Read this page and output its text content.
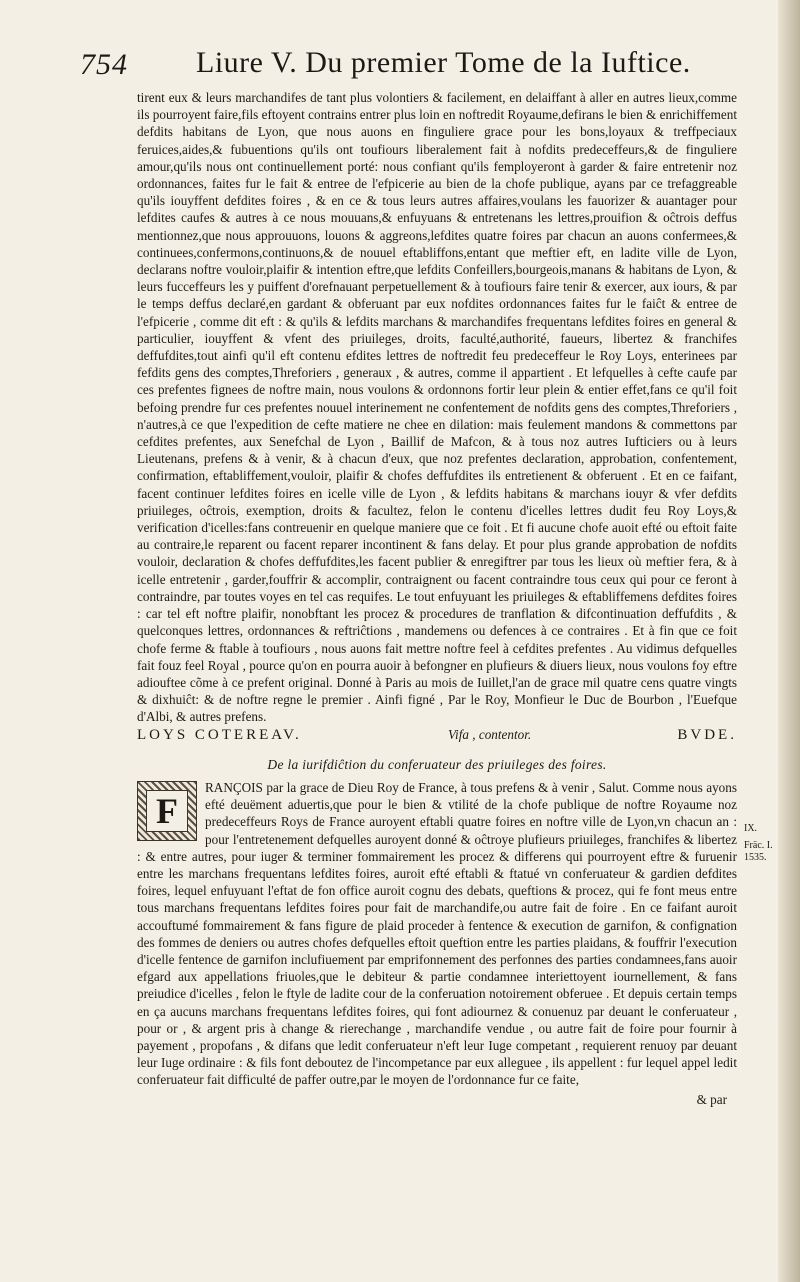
754 Liure V. Du premier Tome de la Iuftice.
IX.
Fräc. I. 1535.

tirent eux & leurs marchandifes de tant plus volontiers & facilement, en delaiffant à aller en autres lieux,comme ils pourroyent faire,fils eftoyent contrains entrer plus loin en noftredit Royaume,defirans le bien & enrichiffement defdits habitans de Lyon, que nous auons en finguliere grace pour les bons,loyaux & treffpeciaux feruices,aides,& fubuentions qu'ils ont toufiours liberalement fait à nofdits predeceffeurs,& de finguliere amour,qu'ils nous ont continuellement porté: nous confiant qu'ils femployeront à garder & faire entretenir noz ordonnances, faites fur le fait & entree de l'efpicerie au bien de la chofe publique, ayans par ce trefaggreable qu'ils iouyffent defdites foires , & en ce & tous leurs autres affaires,voulans les fauorizer & auantager pour lefdites caufes & autres à ce nous mouuans,& enfuyuans & entretenans les lettres,prouifion & oĉtrois deffus mentionnez,que nous approuuons, louons & aggreons,lefdites quatre foires par chacun an auons confermees,& continuees,confermons,continuons,& de nouuel eftabliffons,entant que meftier eft, en ladite ville de Lyon, declarans noftre vouloir,plaifir & intention eftre,que lefdits Confeillers,bourgeois,manans & habitans de Lyon, & leurs fucceffeurs les y puiffent d'orefnauant perpetuellement & à toufiours faire tenir & exercer, aux iours, & par le temps deffus declaré,en gardant & obferuant par eux nofdites ordonnances faites fur le faiĉt & entree de l'efpicerie , comme dit eft : & qu'ils & lefdits marchans & marchandifes frequentans lefdites foires en general & particulier, iouyffent & vfent des priuileges, droits, faculté,authorité, faueurs, libertez & franchifes deffufdites,tout ainfi qu'il eft contenu efdites lettres de noftredit feu predeceffeur le Roy Loys, enterinees par fefdits gens des comptes,Threforiers , generaux , & autres, comme il appartient . Et lefquelles à cefte caufe par ces prefentes fignees de noftre main, nous voulons & ordonnons fortir leur plein & entier effet,fans ce qu'il foit befoing prendre fur ces prefentes nouuel interinement ne confentement de nofdits gens des comptes,Threforiers , n'autres,à ce que l'expedition de cefte matiere ne chee en dilation: mais feulement mandons & commettons par cefdites prefentes, aux Senefchal de Lyon , Baillif de Mafcon, & à tous noz autres Iufticiers ou à leurs Lieutenans, prefens & à venir, & à chacun d'eux, que noz prefentes declaration, approbation, confentement, confirmation, eftabliffement,vouloir, plaifir & chofes deffufdites ils entretienent & obferuent . Et en ce faifant, facent continuer lefdites foires en icelle ville de Lyon , & lefdits habitans & marchans iouyr & vfer defdits priuileges, oĉtrois, exemption, droits & facultez, felon le contenu d'icelles lettres dudit feu Roy Loys,& verification d'icelles:fans contreuenir en quelque maniere que ce foit . Et fi aucune chofe auoit efté ou eftoit faite au contraire,le reparent ou facent reparer incontinent & fans delay. Et pour plus grande approbation de nofdits vouloir, declaration & chofes deffufdites,les facent publier & enregiftrer par tous les lieux où meftier fera, & à icelle entretenir , garder,fouffrir & accomplir, contraignent ou facent contraindre tous ceux qui pour ce feront à contraindre, par toutes voyes en tel cas requifes. Le tout enfuyuant les priuileges & eftabliffemens defdites foires : car tel eft noftre plaifir, nonobftant les procez & procedures de tranflation & difcontinuation deffufdits , & quelconques lettres, ordonnances & reftriĉtions , mandemens ou defences à ce contraires . Et à fin que ce foit chofe ferme & ftable à toufiours , nous auons fait mettre noftre feel à cefdites prefentes . Au vidimus defquelles fait fouz feel Royal , pource qu'on en pourra auoir à befongner en plufieurs & diuers lieux, nous voulons foy eftre adiouftee cõme à ce prefent original. Donné à Paris au mois de Iuillet,l'an de grace mil quatre cens quatre vingts & dixhuiĉt: & de noftre regne le premier . Ainfi figné , Par le Roy, Monfieur le Duc de Bourbon , l'Euefque d'Albi, & autres prefens.

LOYS COTEREAV.	Vifa , contentor.	BVDE.
De la iurifdiĉtion du conferuateur des priuileges des foires.
F

RANÇOIS par la grace de Dieu Roy de France, à tous prefens & à venir , Salut. Comme nous ayons efté deuëment aduertis,que pour le bien & vtilité de la chofe publique de noftre Royaume noz predeceffeurs Roys de France auroyent eftabli quatre foires en noftre ville de Lyon,vn chacun an : pour l'entretenement defquelles auroyent donné & oĉtroye plufieurs priuileges, franchifes & libertez : & entre autres, pour iuger & terminer fommairement les procez & differens qui pourroyent eftre & furuenir entre les marchans frequentans lefdites foires, auroit efté eftabli & ftatué vn conferuateur & gardien defdites foires, lequel enfuyuant l'eftat de fon office auroit cognu des debats, queftions & procez, qui fe font meus entre tous marchans frequentans lefdites foires pour fait de marchandife,ou autre fait de foire . En ce faifant auroit accouftumé fommairement & fans figure de plaid proceder à fentence & execution de garnifon, & confignation des fommes de deniers ou autres chofes defquelles eftoit queftion entre les parties plaidans, & fouffrir l'execution d'icelle fentence de garnifon inclufiuement par emprifonnement des perfonnes des parties condamnees,fans auoir efgard aux appellations friuoles,que le debiteur & partie condamnee interiettoyent iournellement, & fans preiudice d'icelles , felon le ftyle de ladite cour de la conferuation notoirement obferuee . Et depuis certain temps en ça aucuns marchans frequentans lefdites foires, qui font adiournez & conuenuz par deuant le conferuateur , pour or , & argent pris à change & rierechange , marchandife vendue , ou autre fait de foire pour fournir à payement , propofans , & difans que ledit conferuateur n'eft leur Iuge competant , requierent renuoy par deuant leur Iuge ordinaire : & fils font deboutez de l'incompetance par eux alleguee , ils appellent : fur lequel appel ledit conferuateur fait difficulté de paffer outre,par le moyen de l'ordonnance fur ce faite,

& par
